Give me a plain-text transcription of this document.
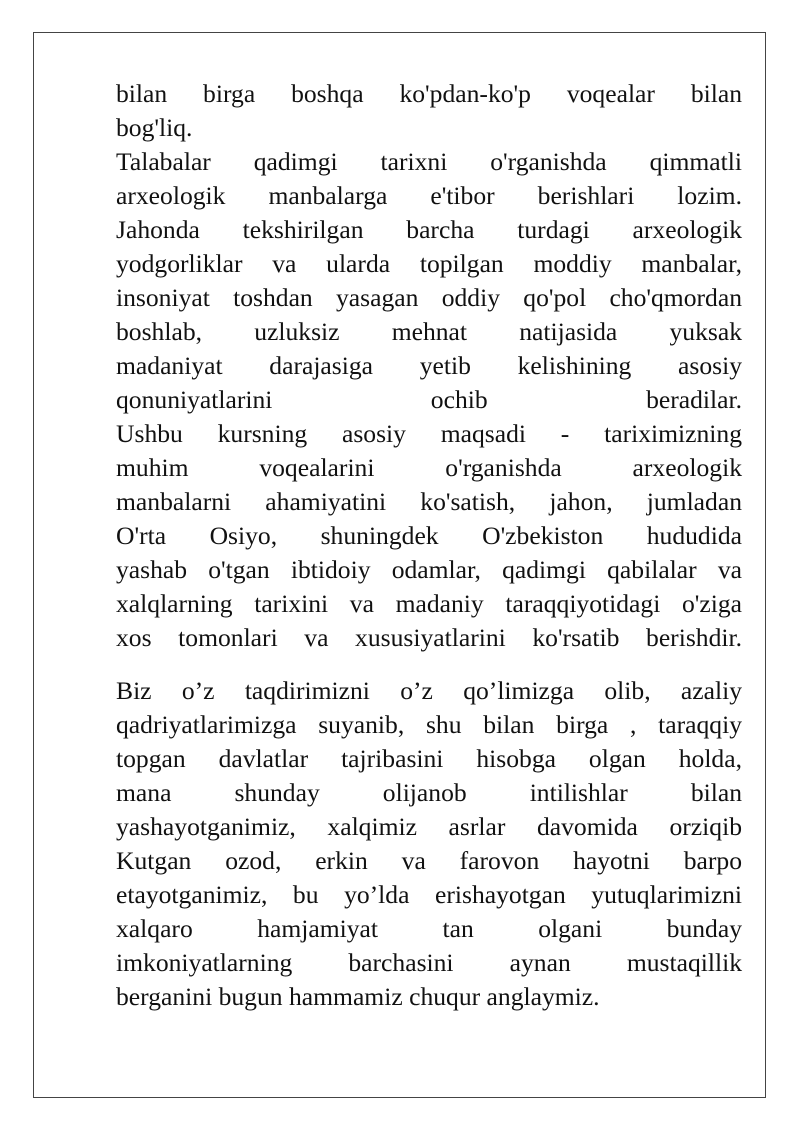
bilan birga boshqa ko'pdan-ko'p voqealar bilan
bog'liq.
Talabalar qadimgi tarixni o'rganishda qimmatli
arxeologik manbalarga e'tibor berishlari lozim.
Jahonda tekshirilgan barcha turdagi arxeologik
yodgorliklar va ularda topilgan moddiy manbalar,
insoniyat toshdan yasagan oddiy qo'pol cho'qmordan
boshlab, uzluksiz mehnat natijasida yuksak
madaniyat darajasiga yetib kelishining asosiy
qonuniyatlarini ochib beradilar.
Ushbu kursning asosiy maqsadi - tariximizning
muhim voqealarini o'rganishda arxeologik
manbalarni ahamiyatini ko'satish, jahon, jumladan
O'rta Osiyo, shuningdek O'zbekiston hududida
yashab o'tgan ibtidoiy odamlar, qadimgi qabilalar va
xalqlarning tarixini va madaniy taraqqiyotidagi o'ziga
xos tomonlari va xususiyatlarini ko'rsatib berishdir.
Biz o’z taqdirimizni o’z qo’limizga olib, azaliy
qadriyatlarimizga suyanib, shu bilan birga , taraqqiy
topgan davlatlar tajribasini hisobga olgan holda,
mana shunday olijanob intilishlar bilan
yashayotganimiz, xalqimiz asrlar davomida orziqib
Kutgan ozod, erkin va farovon hayotni barpo
etayotganimiz, bu yo’lda erishayotgan yutuqlarimizni
xalqaro hamjamiyat tan olgani bunday
imkoniyatlarning barchasini aynan mustaqillik
berganini bugun hammamiz chuqur anglaymiz.
